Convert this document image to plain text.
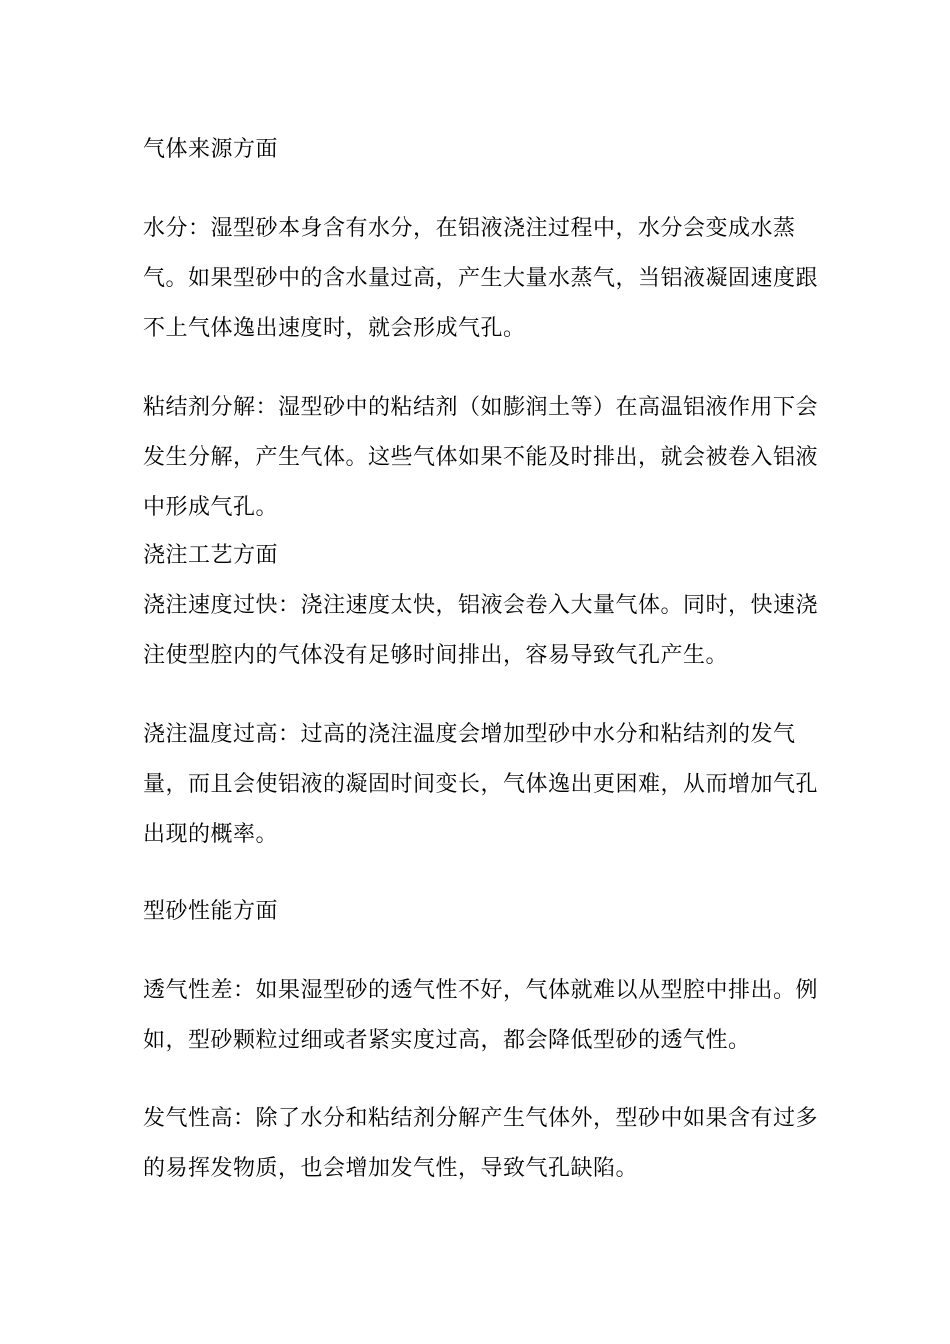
气体来源方面
水分：湿型砂本身含有水分，在铝液浇注过程中，水分会变成水蒸气。如果型砂中的含水量过高，产生大量水蒸气，当铝液凝固速度跟不上气体逸出速度时，就会形成气孔。
粘结剂分解：湿型砂中的粘结剂（如膨润土等）在高温铝液作用下会发生分解，产生气体。这些气体如果不能及时排出，就会被卷入铝液中形成气孔。
浇注工艺方面
浇注速度过快：浇注速度太快，铝液会卷入大量气体。同时，快速浇注使型腔内的气体没有足够时间排出，容易导致气孔产生。
浇注温度过高：过高的浇注温度会增加型砂中水分和粘结剂的发气量，而且会使铝液的凝固时间变长，气体逸出更困难，从而增加气孔出现的概率。
型砂性能方面
透气性差：如果湿型砂的透气性不好，气体就难以从型腔中排出。例如，型砂颗粒过细或者紧实度过高，都会降低型砂的透气性。
发气性高：除了水分和粘结剂分解产生气体外，型砂中如果含有过多的易挥发物质，也会增加发气性，导致气孔缺陷。
